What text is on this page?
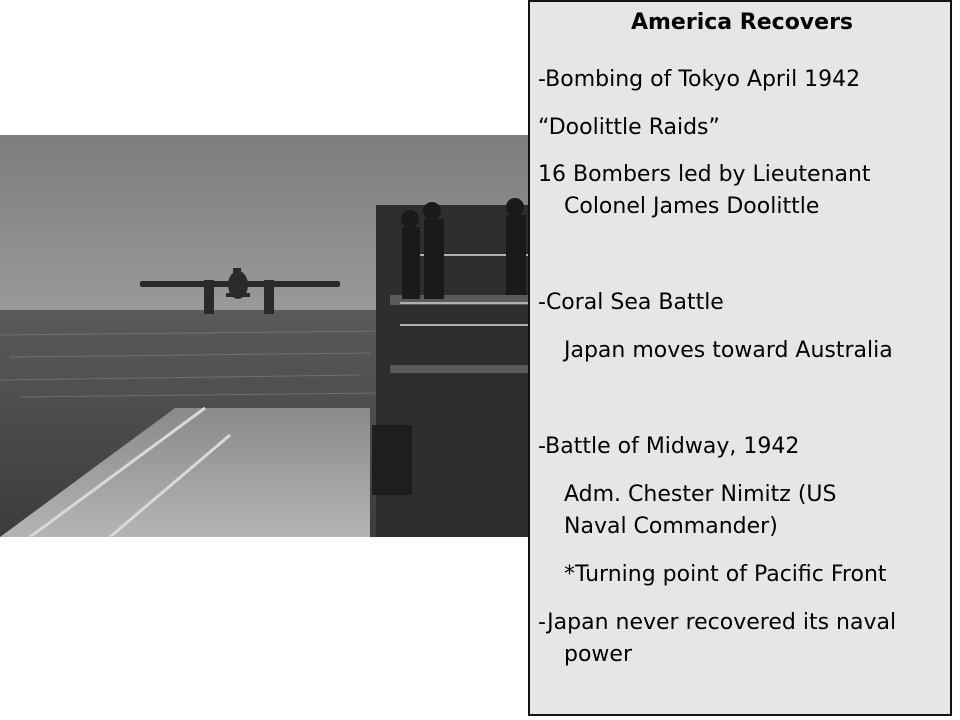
America Recovers
-Bombing of Tokyo April 1942
“Doolittle Raids”
16 Bombers led by Lieutenant
Colonel James Doolittle
-Coral Sea Battle
Japan moves toward Australia
-Battle of Midway, 1942
Adm. Chester Nimitz (US
Naval Commander)
*Turning point of Pacific Front
-Japan never recovered its naval
power
